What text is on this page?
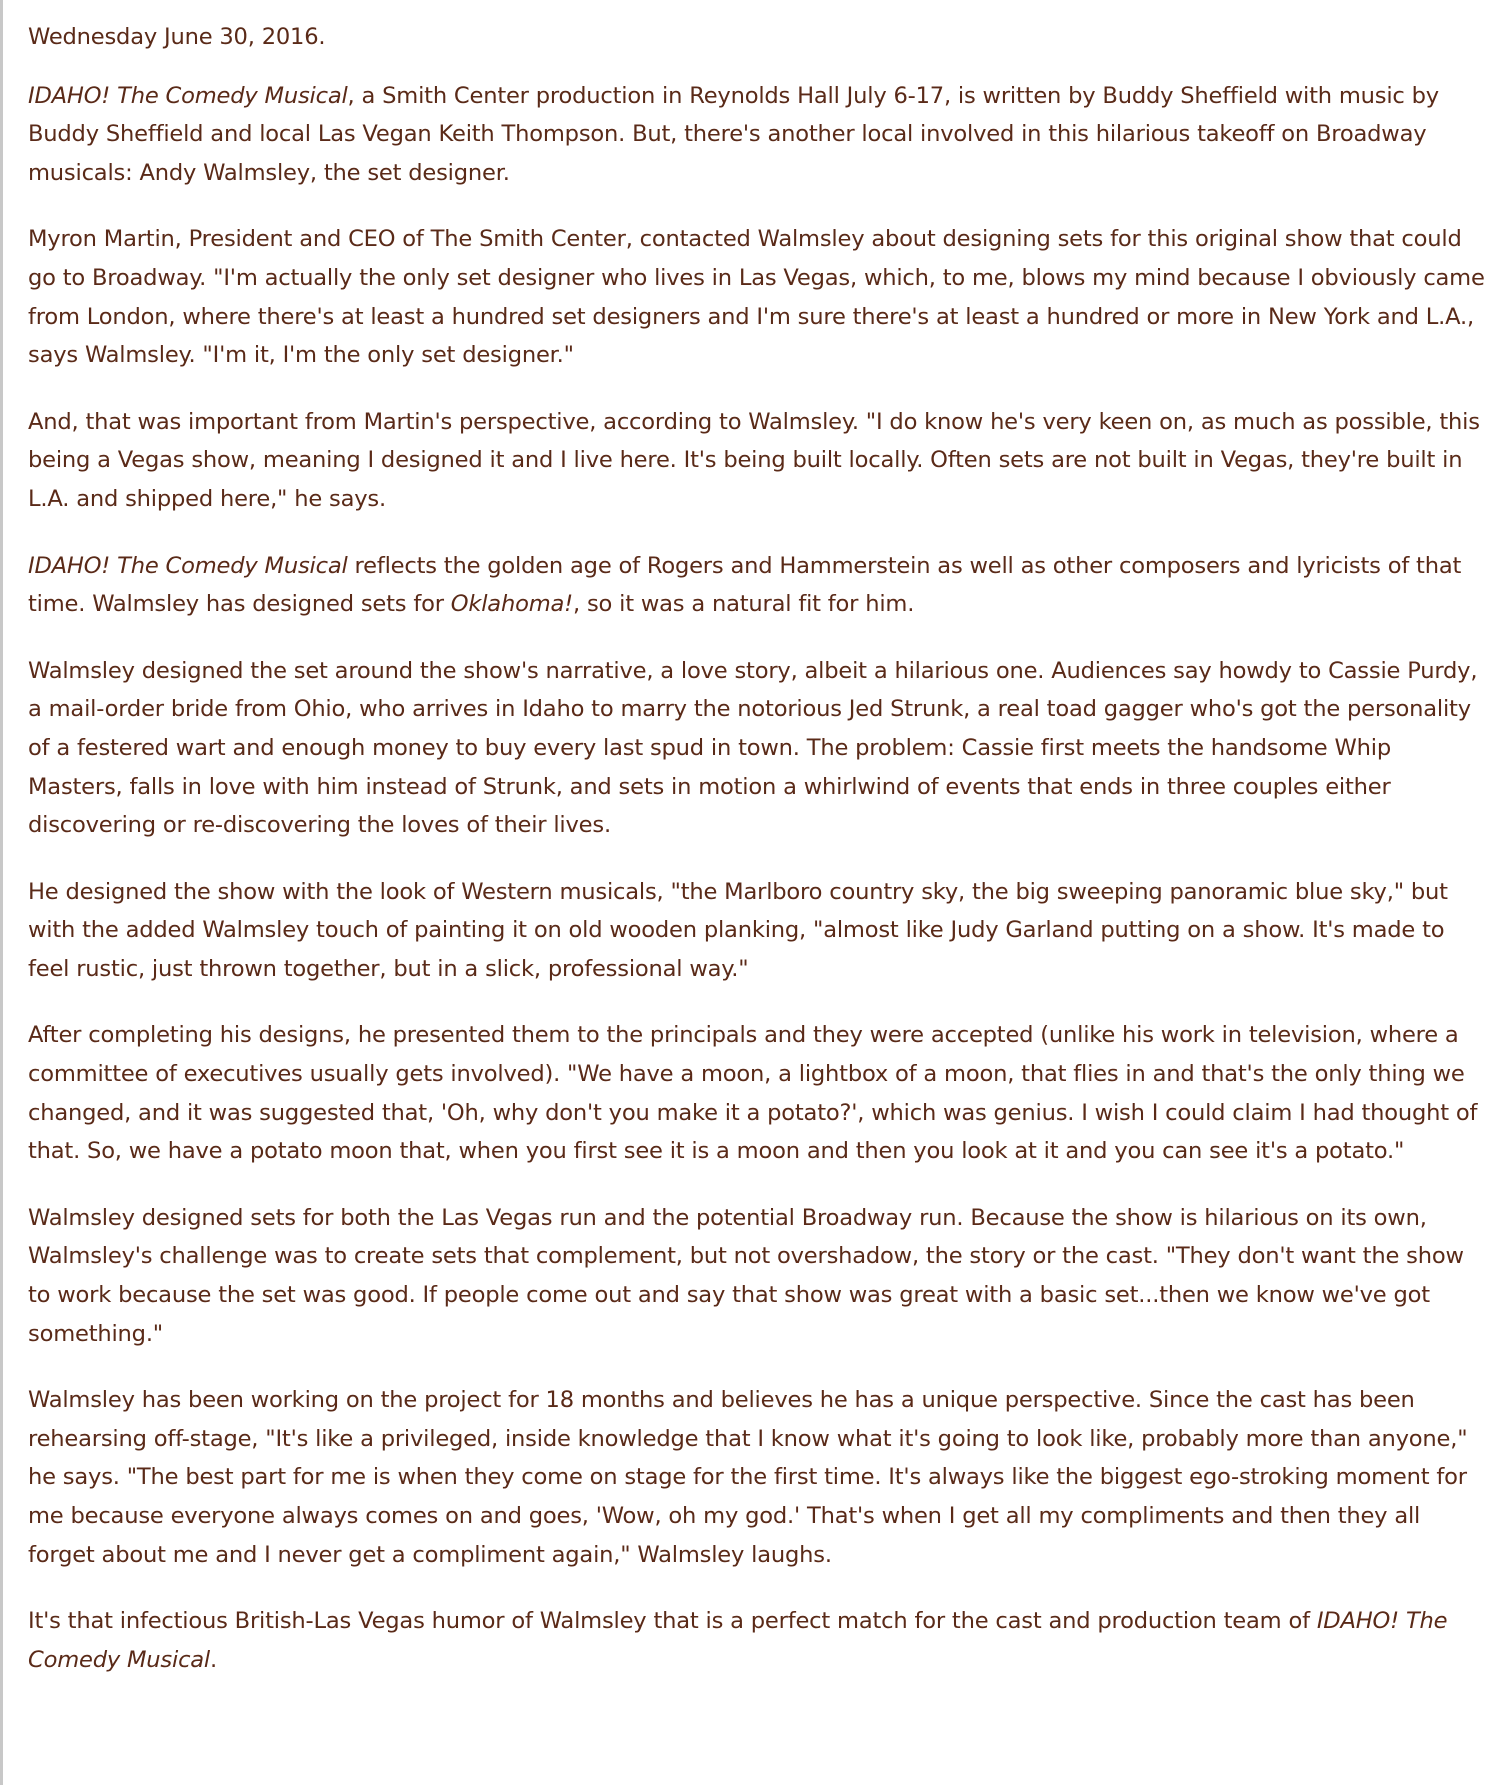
Wednesday June 30, 2016.

IDAHO! The Comedy Musical, a Smith Center production in Reynolds Hall July 6-17, is written by Buddy Sheffield with music by Buddy Sheffield and local Las Vegan Keith Thompson. But, there's another local involved in this hilarious takeoff on Broadway musicals: Andy Walmsley, the set designer.

Myron Martin, President and CEO of The Smith Center, contacted Walmsley about designing sets for this original show that could go to Broadway. "I'm actually the only set designer who lives in Las Vegas, which, to me, blows my mind because I obviously came from London, where there's at least a hundred set designers and I'm sure there's at least a hundred or more in New York and L.A., says Walmsley. "I'm it, I'm the only set designer."

And, that was important from Martin's perspective, according to Walmsley. "I do know he's very keen on, as much as possible, this being a Vegas show, meaning I designed it and I live here. It's being built locally. Often sets are not built in Vegas, they're built in L.A. and shipped here," he says.

IDAHO! The Comedy Musical reflects the golden age of Rogers and Hammerstein as well as other composers and lyricists of that time. Walmsley has designed sets for Oklahoma!, so it was a natural fit for him.

Walmsley designed the set around the show's narrative, a love story, albeit a hilarious one. Audiences say howdy to Cassie Purdy, a mail-order bride from Ohio, who arrives in Idaho to marry the notorious Jed Strunk, a real toad gagger who's got the personality of a festered wart and enough money to buy every last spud in town. The problem: Cassie first meets the handsome Whip Masters, falls in love with him instead of Strunk, and sets in motion a whirlwind of events that ends in three couples either discovering or re-discovering the loves of their lives.

He designed the show with the look of Western musicals, "the Marlboro country sky, the big sweeping panoramic blue sky," but with the added Walmsley touch of painting it on old wooden planking, "almost like Judy Garland putting on a show. It's made to feel rustic, just thrown together, but in a slick, professional way."

After completing his designs, he presented them to the principals and they were accepted (unlike his work in television, where a committee of executives usually gets involved). "We have a moon, a lightbox of a moon, that flies in and that's the only thing we changed, and it was suggested that, 'Oh, why don't you make it a potato?', which was genius. I wish I could claim I had thought of that. So, we have a potato moon that, when you first see it is a moon and then you look at it and you can see it's a potato."

Walmsley designed sets for both the Las Vegas run and the potential Broadway run. Because the show is hilarious on its own, Walmsley's challenge was to create sets that complement, but not overshadow, the story or the cast. "They don't want the show to work because the set was good. If people come out and say that show was great with a basic set...then we know we've got something."

Walmsley has been working on the project for 18 months and believes he has a unique perspective. Since the cast has been rehearsing off-stage, "It's like a privileged, inside knowledge that I know what it's going to look like, probably more than anyone," he says. "The best part for me is when they come on stage for the first time. It's always like the biggest ego-stroking moment for me because everyone always comes on and goes, 'Wow, oh my god.' That's when I get all my compliments and then they all forget about me and I never get a compliment again," Walmsley laughs.

It's that infectious British-Las Vegas humor of Walmsley that is a perfect match for the cast and production team of IDAHO! The Comedy Musical.
